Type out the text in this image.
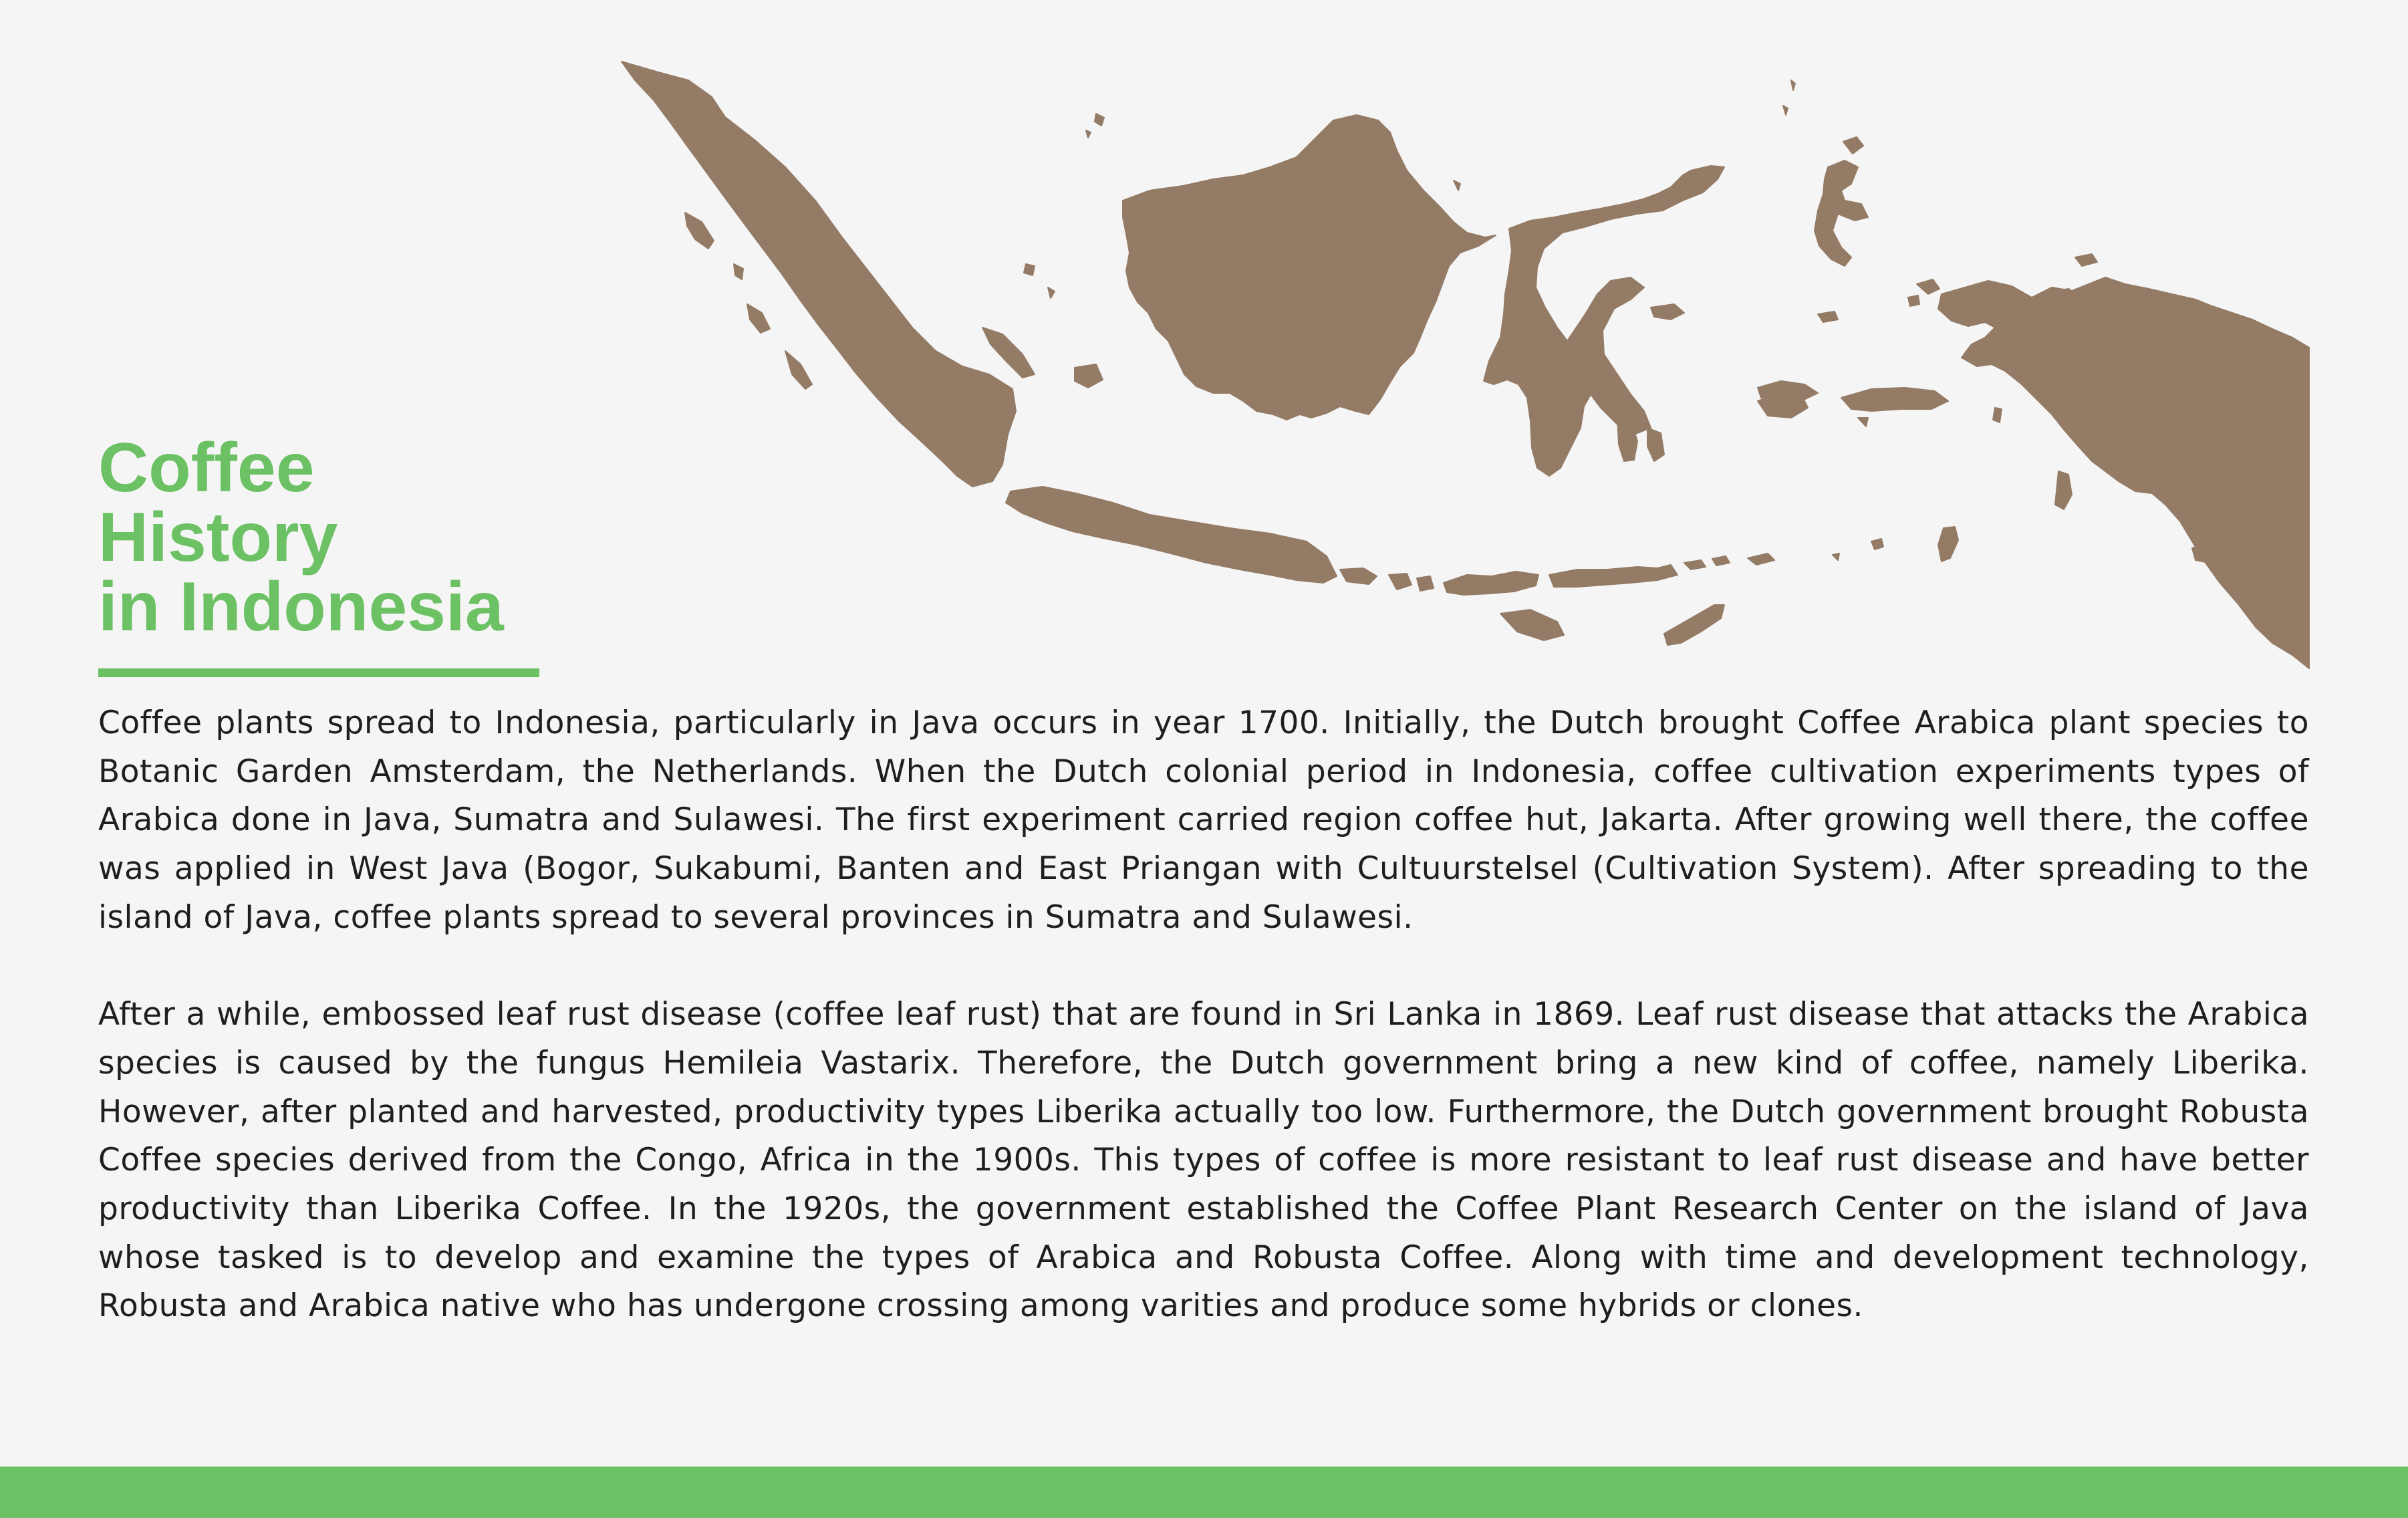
Coffee
History
in Indonesia

Coffee plants spread to Indonesia, particularly in Java occurs in year 1700. Initially, the Dutch brought Coffee Arabica plant species to Botanic Garden Amsterdam, the Netherlands. When the Dutch colonial period in Indonesia, coffee cultivation experiments types of Arabica done in Java, Sumatra and Sulawesi. The first experiment carried region coffee hut, Jakarta. After growing well there, the coffee was applied in West Java (Bogor, Sukabumi, Banten and East Priangan with Cultuurstelsel (Cultivation System). After spreading to the island of Java, coffee plants spread to several provinces in Sumatra and Sulawesi.

After a while, embossed leaf rust disease (coffee leaf rust) that are found in Sri Lanka in 1869. Leaf rust disease that attacks the Arabica species is caused by the fungus Hemileia Vastarix. Therefore, the Dutch government bring a new kind of coffee, namely Liberika. However, after planted and harvested, productivity types Liberika actually too low. Furthermore, the Dutch government brought Robusta Coffee species derived from the Congo, Africa in the 1900s. This types of coffee is more resistant to leaf rust disease and have better productivity than Liberika Coffee. In the 1920s, the government established the Coffee Plant Research Center on the island of Java whose tasked is to develop and examine the types of Arabica and Robusta Coffee. Along with time and development technology, Robusta and Arabica native who has undergone crossing among varities and produce some hybrids or clones.
